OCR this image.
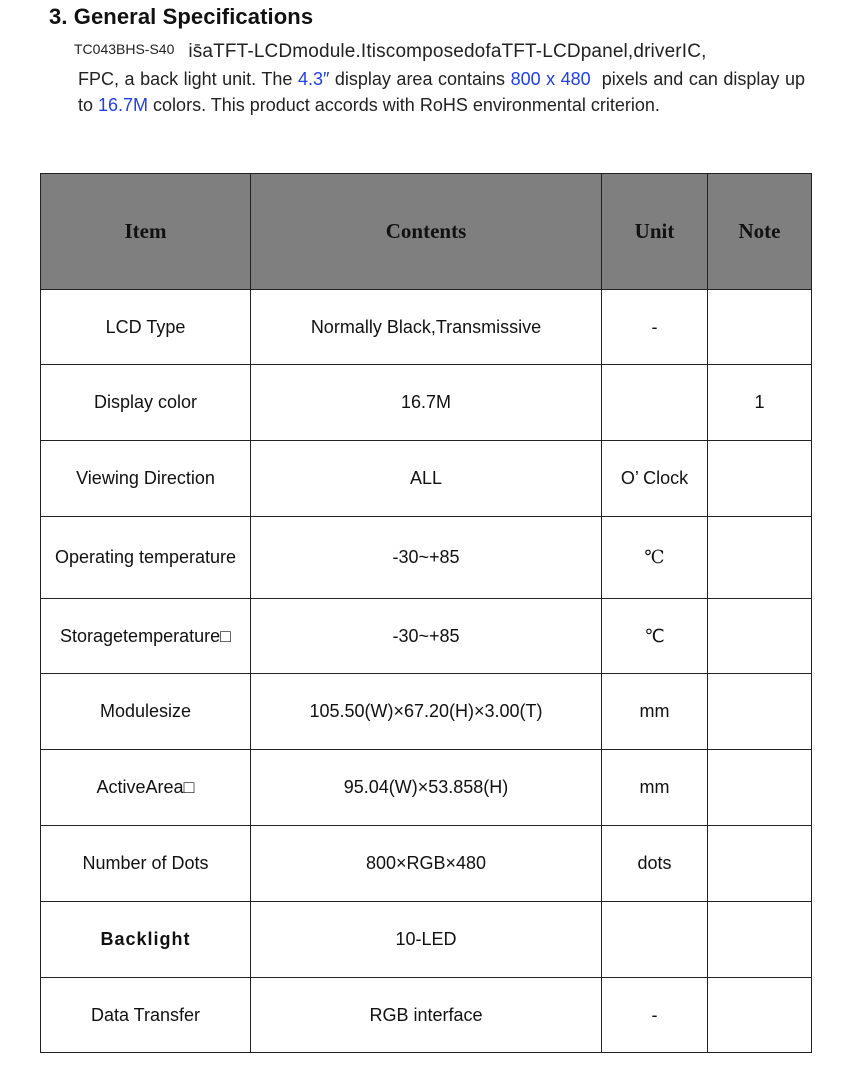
3. General Specifications
TC043BHS-S40 is̄aTFT-LCDmodule.ItiscomposedofaTFT-LCDpanel,driverIC,
FPC, a back light unit. The 4.3″ display area contains 800 x 480  pixels and can display up to 16.7M colors. This product accords with RoHS environmental criterion.
Item	Contents	Unit	Note
LCD Type	Normally Black,Transmissive	-	
Display color	16.7M		1
Viewing Direction	ALL	O’ Clock	
Operating temperature	-30~+85	℃	
Storagetemperature□	-30~+85	℃	
Modulesize	105.50(W)×67.20(H)×3.00(T)	mm	
ActiveArea□	95.04(W)×53.858(H)	mm	
Number of Dots	800×RGB×480	dots	
Backlight	10-LED		
Data Transfer	RGB interface	-	
